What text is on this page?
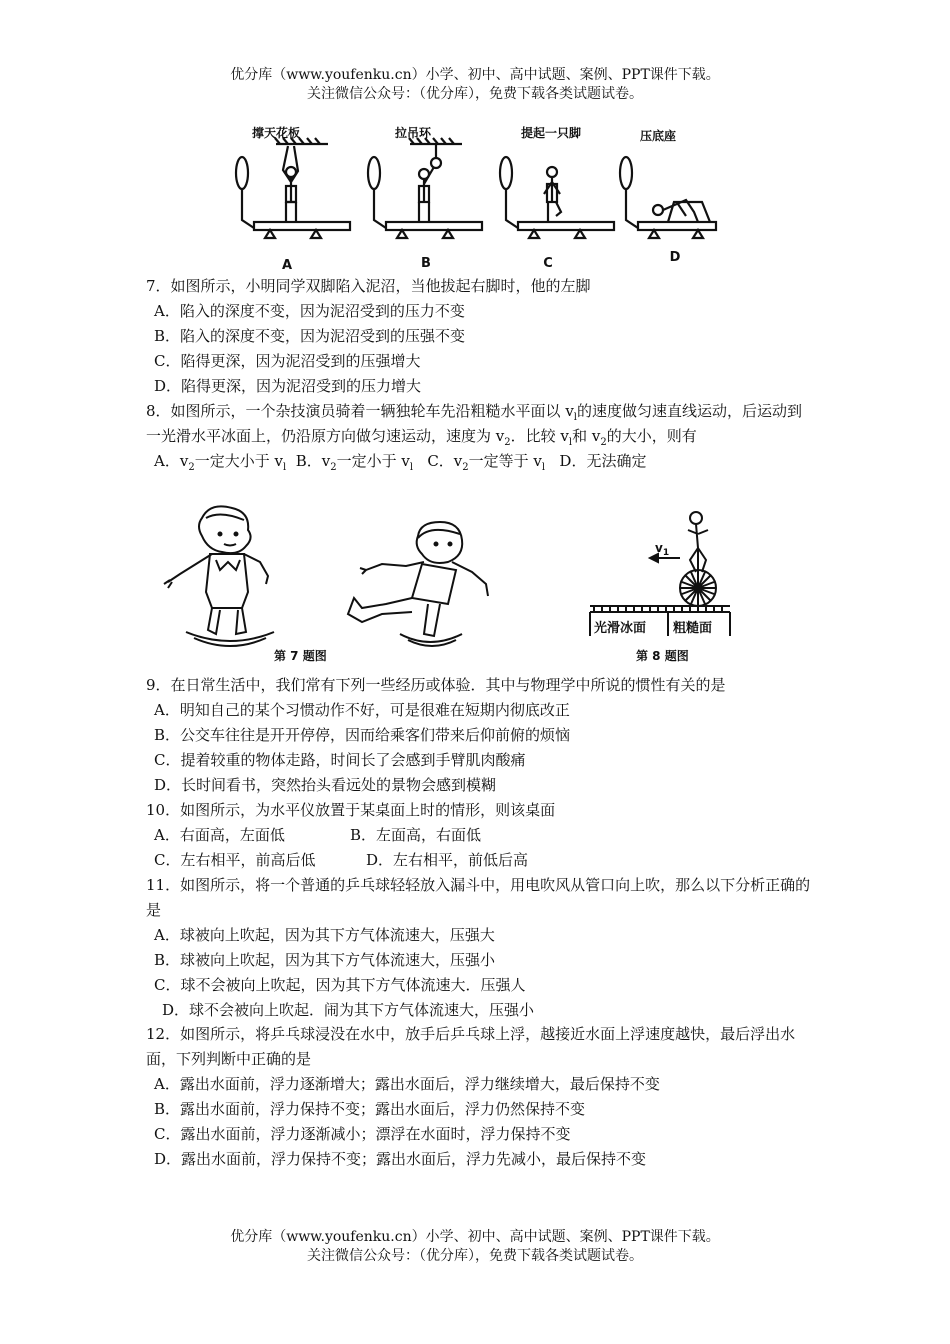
优分库（www.youfenku.cn）小学、初中、高中试题、案例、PPT课件下载。
关注微信公众号：（优分库），免费下载各类试题试卷。
撑天花板	拉吊环	提起一只脚	压底座
A	B	C	D
7．如图所示，小明同学双脚陷入泥沼，当他拔起右脚时，他的左脚
A．陷入的深度不变，因为泥沼受到的压力不变
B．陷入的深度不变，因为泥沼受到的压强不变
C．陷得更深，因为泥沼受到的压强增大
D．陷得更深，因为泥沼受到的压力增大
8．如图所示，一个杂技演员骑着一辆独轮车先沿粗糙水平面以 $v_l$的速度做匀速直线运动，后运动到一光滑水平冰面上，仍沿原方向做匀速运动，速度为 $v_2$．比较 $v_l$和 $v_2$的大小，则有
A．$v_2$一定大小于 $v_l$ B．$v_2$一定小于 $v_l$ C．$v_2$一定等于 $v_l$ D．无法确定
$v_1$
光滑冰面 粗糙面
第 7 题图	第 8 题图
9．在日常生活中，我们常有下列一些经历或体验．其中与物理学中所说的惯性有关的是
A．明知自己的某个习惯动作不好，可是很难在短期内彻底改正
B．公交车往往是开开停停，因而给乘客们带来后仰前俯的烦恼
C．提着较重的物体走路，时间长了会感到手臂肌肉酸痛
D．长时间看书，突然抬头看远处的景物会感到模糊
10．如图所示，为水平仪放置于某桌面上时的情形，则该桌面
A．右面高，左面低	B．左面高，右面低
C．左右相平，前高后低	D．左右相平，前低后高
11．如图所示，将一个普通的乒乓球轻轻放入漏斗中，用电吹风从管口向上吹，那么以下分析正确的是
A．球被向上吹起，因为其下方气体流速大，压强大
B．球被向上吹起，因为其下方气体流速大，压强小
C．球不会被向上吹起，因为其下方气体流速大．压强人
D．球不会被向上吹起．闹为其下方气体流速大，压强小
12．如图所示，将乒乓球浸没在水中，放手后乒乓球上浮，越接近水面上浮速度越快，最后浮出水面，下列判断中正确的是
A．露出水面前，浮力逐渐增大；露出水面后，浮力继续增大，最后保持不变
B．露出水面前，浮力保持不变；露出水面后，浮力仍然保持不变
C．露出水面前，浮力逐渐减小；漂浮在水面时，浮力保持不变
D．露出水面前，浮力保持不变；露出水面后，浮力先减小，最后保持不变
优分库（www.youfenku.cn）小学、初中、高中试题、案例、PPT课件下载。
关注微信公众号：（优分库），免费下载各类试题试卷。
